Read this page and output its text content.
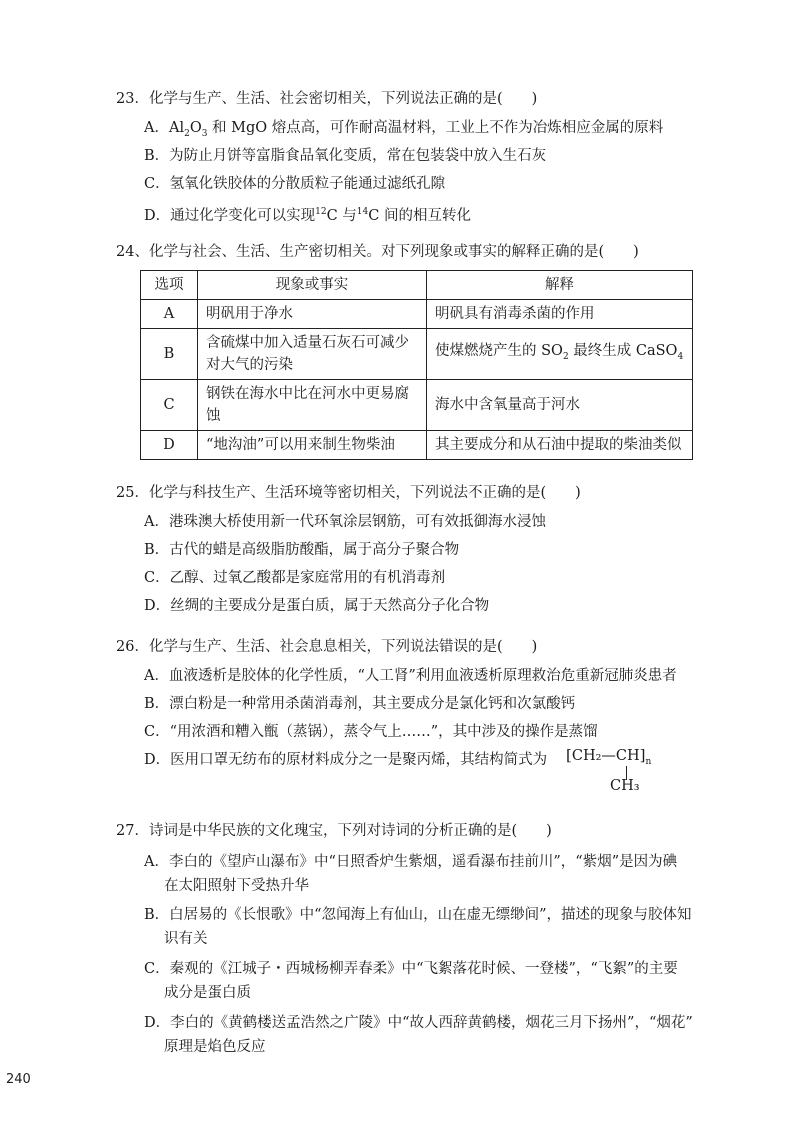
23．化学与生产、生活、社会密切相关，下列说法正确的是(　　)
A．$Al_2O_3$ 和 MgO 熔点高，可作耐高温材料，工业上不作为冶炼相应金属的原料
B．为防止月饼等富脂食品氧化变质，常在包装袋中放入生石灰
C．氢氧化铁胶体的分散质粒子能通过滤纸孔隙
D．通过化学变化可以实现$^{12}$C 与$^{14}$C 间的相互转化
24、化学与社会、生活、生产密切相关。对下列现象或事实的解释正确的是(　　)
选项	现象或事实	解释
A	明矾用于净水	明矾具有消毒杀菌的作用
B	含硫煤中加入适量石灰石可减少对大气的污染	使煤燃烧产生的 $SO_2$ 最终生成 CaSO$_4$
C	钢铁在海水中比在河水中更易腐蚀	海水中含氧量高于河水
D	“地沟油”可以用来制生物柴油	其主要成分和从石油中提取的柴油类似
25．化学与科技生产、生活环境等密切相关，下列说法不正确的是(　　)
A．港珠澳大桥使用新一代环氧涂层钢筋，可有效抵御海水浸蚀
B．古代的蜡是高级脂肪酸酯，属于高分子聚合物
C．乙醇、过氧乙酸都是家庭常用的有机消毒剂
D．丝绸的主要成分是蛋白质，属于天然高分子化合物
26．化学与生产、生活、社会息息相关，下列说法错误的是(　　)
A．血液透析是胶体的化学性质，“人工肾”利用血液透析原理救治危重新冠肺炎患者
B．漂白粉是一种常用杀菌消毒剂，其主要成分是氯化钙和次氯酸钙
C．“用浓酒和糟入甑（蒸锅），蒸令气上……”，其中涉及的操作是蒸馏
D．医用口罩无纺布的原材料成分之一是聚丙烯，其结构简式为 $[CH_2—CH]_n$
CH₃
27．诗词是中华民族的文化瑰宝，下列对诗词的分析正确的是(　　)
A．李白的《望庐山瀑布》中“日照香炉生紫烟，遥看瀑布挂前川”，“紫烟”是因为碘
在太阳照射下受热升华
B．白居易的《长恨歌》中“忽闻海上有仙山，山在虚无缥缈间”，描述的现象与胶体知
识有关
C．秦观的《江城子・西城杨柳弄春柔》中“飞絮落花时候、一登楼”，“飞絮”的主要
成分是蛋白质
D．李白的《黄鹤楼送孟浩然之广陵》中“故人西辞黄鹤楼，烟花三月下扬州”，“烟花”
原理是焰色反应
240
